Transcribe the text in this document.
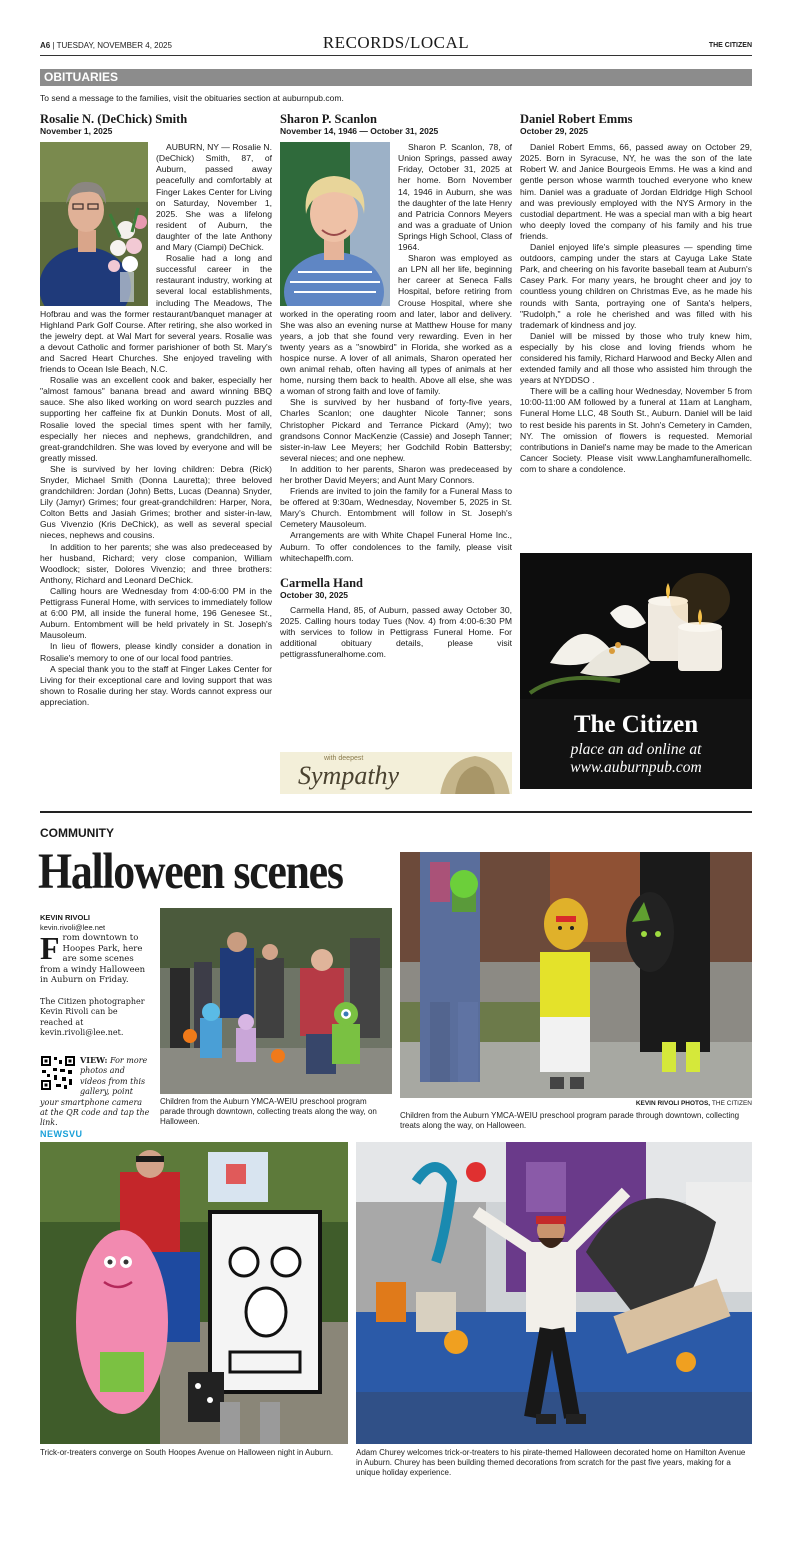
A6 | TUESDAY, NOVEMBER 4, 2025	RECORDS/LOCAL	THE CITIZEN
OBITUARIES
To send a message to the families, visit the obituaries section at auburnpub.com.
Rosalie N. (DeChick) Smith
November 1, 2025

AUBURN, NY — Rosalie N. (DeChick) Smith, 87, of Auburn, passed away peacefully and comfortably at Finger Lakes Center for Living on Saturday, November 1, 2025. She was a lifelong resident of Auburn, the daughter of the late Anthony and Mary (Ciampi) DeChick.

Rosalie had a long and successful career in the restaurant industry, working at several local establishments, including The Meadows, The Hofbrau and was the former restaurant/banquet manager at Highland Park Golf Course. After retiring, she also worked in the jewelry dept. at Wal Mart for several years. Rosalie was a devout Catholic and former parishioner of both St. Mary's and Sacred Heart Churches. She enjoyed traveling with friends to Ocean Isle Beach, N.C.

Rosalie was an excellent cook and baker, especially her "almost famous" banana bread and award winning BBQ sauce. She also liked working on word search puzzles and supporting her caffeine fix at Dunkin Donuts. Most of all, Rosalie loved the special times spent with her family, especially her nieces and nephews, grandchildren, and great-grandchildren. She was loved by everyone and will be greatly missed.

She is survived by her loving children: Debra (Rick) Snyder, Michael Smith (Donna Lauretta); three beloved grandchildren: Jordan (John) Betts, Lucas (Deanna) Snyder, Lily (Jamyr) Grimes; four great-grandchildren: Harper, Nora, Colton Betts and Jasiah Grimes; brother and sister-in-law, Gus Vivenzio (Kris DeChick), as well as several special nieces, nephews and cousins.

In addition to her parents; she was also predeceased by her husband, Richard; very close companion, William Woodlock; sister, Dolores Vivenzio; and three brothers: Anthony, Richard and Leonard DeChick.

Calling hours are Wednesday from 4:00-6:00 PM in the Pettigrass Funeral Home, with services to immediately follow at 6:00 PM, all inside the funeral home, 196 Genesee St., Auburn. Entombment will be held privately in St. Joseph's Mausoleum.

In lieu of flowers, please kindly consider a donation in Rosalie's memory to one of our local food pantries.

A special thank you to the staff at Finger Lakes Center for Living for their exceptional care and loving support that was shown to Rosalie during her stay. Words cannot express our appreciation.

Sharon P. Scanlon
November 14, 1946 — October 31, 2025

Sharon P. Scanlon, 78, of Union Springs, passed away Friday, October 31, 2025 at her home. Born November 14, 1946 in Auburn, she was the daughter of the late Henry and Patricia Connors Meyers and was a graduate of Union Springs High School, Class of 1964.

Sharon was employed as an LPN all her life, beginning her career at Seneca Falls Hospital, before retiring from Crouse Hospital, where she worked in the operating room and later, labor and delivery. She was also an evening nurse at Matthew House for many years, a job that she found very rewarding. Even in her twenty years as a "snowbird" in Florida, she worked as a hospice nurse. A lover of all animals, Sharon operated her own animal rehab, often having all types of animals at her home, nursing them back to health. Above all else, she was a woman of strong faith and love of family.

She is survived by her husband of forty-five years, Charles Scanlon; one daughter Nicole Tanner; sons Christopher Pickard and Terrance Pickard (Amy); two grandsons Connor MacKenzie (Cassie) and Joseph Tanner; sister-in-law Lee Meyers; her Godchild Robin Battersby; several nieces; and one nephew.

In addition to her parents, Sharon was predeceased by her brother David Meyers; and Aunt Mary Connors.

Friends are invited to join the family for a Funeral Mass to be offered at 9:30am, Wednesday, November 5, 2025 in St. Mary's Church. Entombment will follow in St. Joseph's Cemetery Mausoleum.

Arrangements are with White Chapel Funeral Home Inc., Auburn. To offer condolences to the family, please visit whitechapelfh.com.

Carmella Hand
October 30, 2025

Carmella Hand, 85, of Auburn, passed away October 30, 2025. Calling hours today Tues (Nov. 4) from 4:00-6:30 PM with services to follow in Pettigrass Funeral Home. For additional obituary details, please visit pettigrassfuneralhome.com.

with deepest
Sympathy
Daniel Robert Emms
October 29, 2025

Daniel Robert Emms, 66, passed away on October 29, 2025. Born in Syracuse, NY, he was the son of the late Robert W. and Janice Bourgeois Emms. He was a kind and gentle person whose warmth touched everyone who knew him. Daniel was a graduate of Jordan Eldridge High School and was previously employed with the NYS Armory in the custodial department. He was a special man with a big heart who deeply loved the company of his family and his true friends.

Daniel enjoyed life's simple pleasures — spending time outdoors, camping under the stars at Cayuga Lake State Park, and cheering on his favorite baseball team at Auburn's Casey Park. For many years, he brought cheer and joy to countless young children on Christmas Eve, as he made his rounds with Santa, portraying one of Santa's helpers, "Rudolph," a role he cherished and was filled with his trademark of kindness and joy.

Daniel will be missed by those who truly knew him, especially by his close and loving friends whom he considered his family, Richard Harwood and Becky Allen and extended family and all those who assisted him through the years at NYDDSO .

There will be a calling hour Wednesday, November 5 from 10:00-11:00 AM followed by a funeral at 11am at Langham, Funeral Home LLC, 48 South St., Auburn. Daniel will be laid to rest beside his parents in St. John's Cemetery in Camden, NY. The omission of flowers is requested. Memorial contributions in Daniel's name may be made to the American Cancer Society. Please visit www.Langhamfuneralhomellc. com to share a condolence.

The Citizen
place an ad online at
www.auburnpub.com
COMMUNITY
Halloween scenes
KEVIN RIVOLI
kevin.rivoli@lee.net
From downtown to Hoopes Park, here are some scenes from a windy Halloween in Auburn on Friday.
The Citizen photographer Kevin Rivoli can be reached at kevin.rivoli@lee.net.
VIEW: For more photos and videos from this gallery, point your smartphone camera at the QR code and tap the link.
NEWSVU
Children from the Auburn YMCA-WEIU preschool program parade through downtown, collecting treats along the way, on Halloween.
KEVIN RIVOLI PHOTOS, THE CITIZEN
Children from the Auburn YMCA-WEIU preschool program parade through downtown, collecting treats along the way, on Halloween.
Trick-or-treaters converge on South Hoopes Avenue on Halloween night in Auburn.	Adam Churey welcomes trick-or-treaters to his pirate-themed Halloween decorated home on Hamilton Avenue in Auburn. Churey has been building themed decorations from scratch for the past five years, making for a unique holiday experience.
